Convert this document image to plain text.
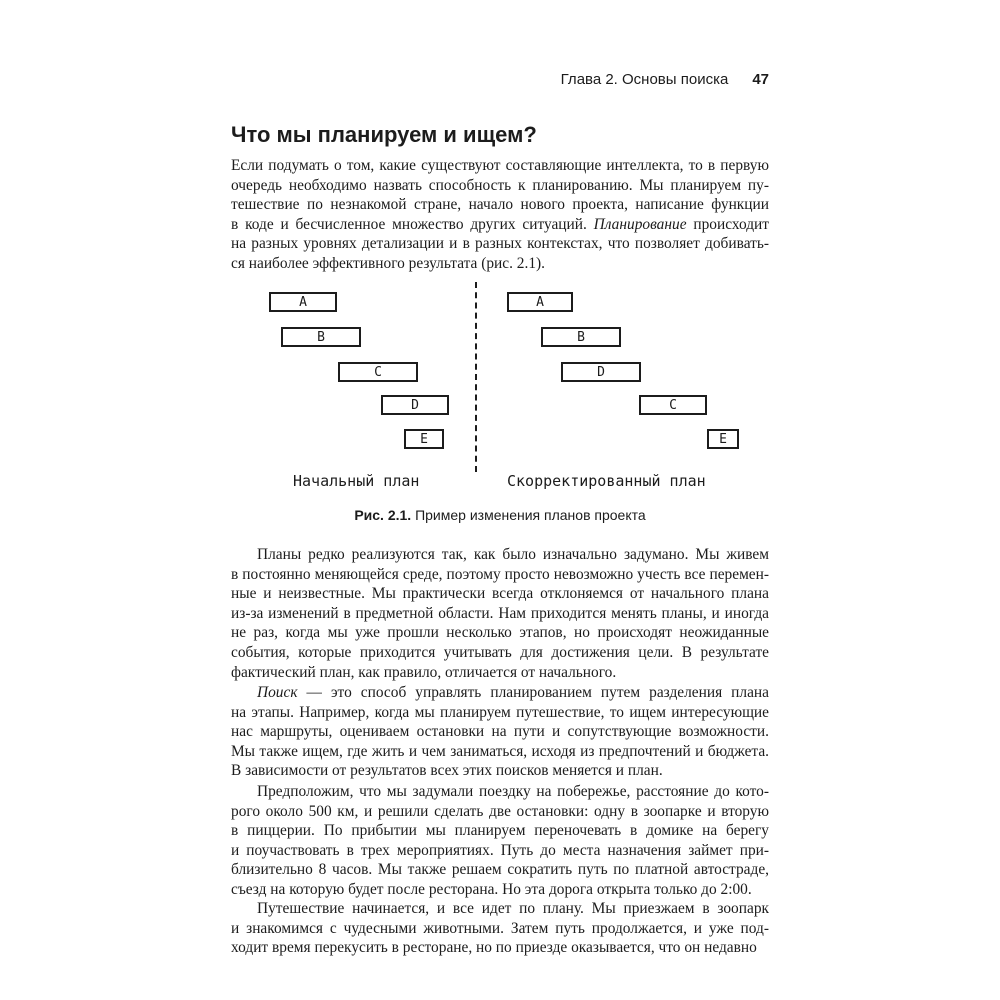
Глава 2. Основы поиска 47
Что мы планируем и ищем?
Если подумать о том, какие существуют составляющие интеллекта, то в первую
очередь необходимо назвать способность к планированию. Мы планируем пу-
тешествие по незнакомой стране, начало нового проекта, написание функции
в коде и бесчисленное множество других ситуаций. Планирование происходит
на разных уровнях детализации и в разных контекстах, что позволяет добивать-
ся наиболее эффективного результата (рис. 2.1).
A
B
C
D
E
A
B
D
C
E
Начальный план	Скорректированный план
Рис. 2.1. Пример изменения планов проекта
Планы редко реализуются так, как было изначально задумано. Мы живем
в постоянно меняющейся среде, поэтому просто невозможно учесть все перемен-
ные и неизвестные. Мы практически всегда отклоняемся от начального плана
из-за изменений в предметной области. Нам приходится менять планы, и иногда
не раз, когда мы уже прошли несколько этапов, но происходят неожиданные
события, которые приходится учитывать для достижения цели. В результате
фактический план, как правило, отличается от начального.
Поиск — это способ управлять планированием путем разделения плана
на этапы. Например, когда мы планируем путешествие, то ищем интересующие
нас маршруты, оцениваем остановки на пути и сопутствующие возможности.
Мы также ищем, где жить и чем заниматься, исходя из предпочтений и бюджета.
В зависимости от результатов всех этих поисков меняется и план.
Предположим, что мы задумали поездку на побережье, расстояние до кото-
рого около 500 км, и решили сделать две остановки: одну в зоопарке и вторую
в пиццерии. По прибытии мы планируем переночевать в домике на берегу
и поучаствовать в трех мероприятиях. Путь до места назначения займет при-
близительно 8 часов. Мы также решаем сократить путь по платной автостраде,
съезд на которую будет после ресторана. Но эта дорога открыта только до 2:00.
Путешествие начинается, и все идет по плану. Мы приезжаем в зоопарк
и знакомимся с чудесными животными. Затем путь продолжается, и уже под-
ходит время перекусить в ресторане, но по приезде оказывается, что он недавно
